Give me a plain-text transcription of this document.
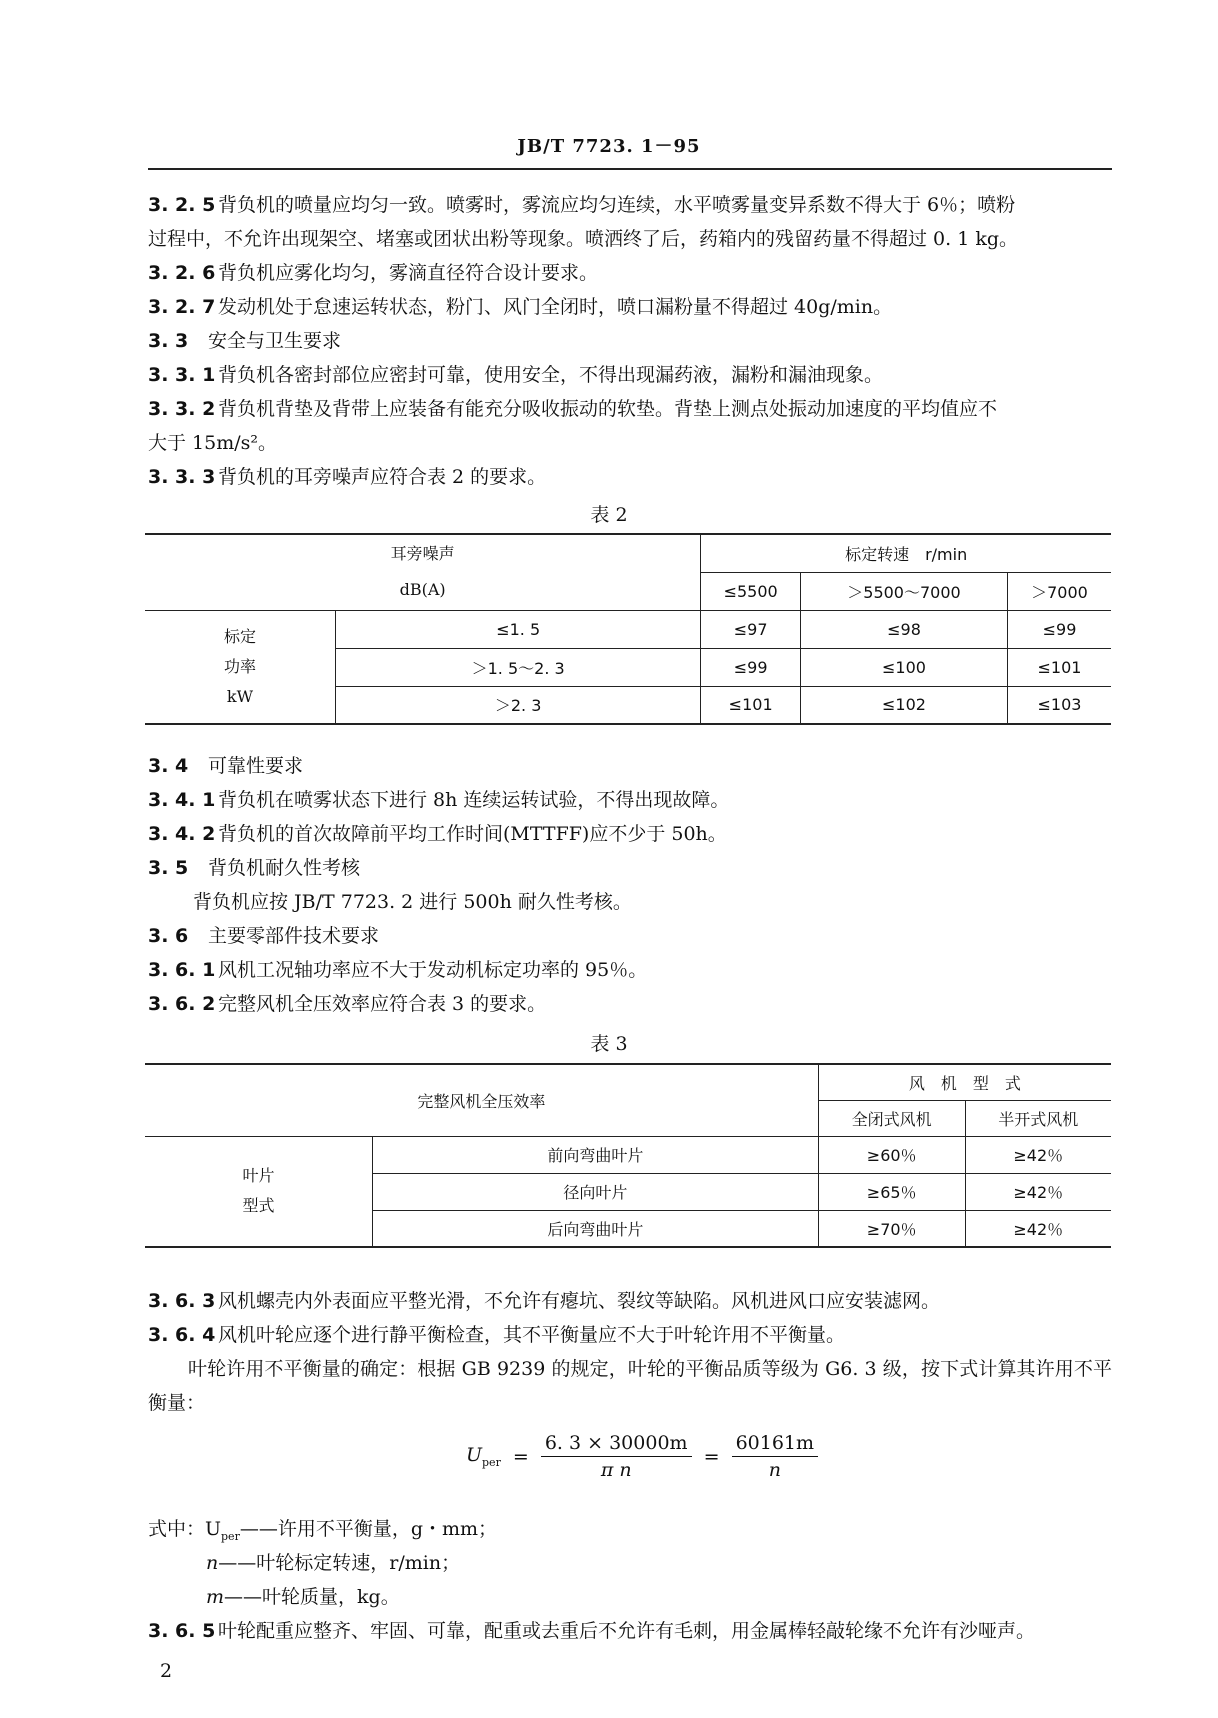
JB/T 7723. 1－95
3. 2. 5 背负机的喷量应均匀一致。喷雾时，雾流应均匀连续，水平喷雾量变异系数不得大于 6％；喷粉
过程中，不允许出现架空、堵塞或团状出粉等现象。喷洒终了后，药箱内的残留药量不得超过 0. 1 kg。
3. 2. 6 背负机应雾化均匀，雾滴直径符合设计要求。
3. 2. 7 发动机处于怠速运转状态，粉门、风门全闭时，喷口漏粉量不得超过 40g/min。
3. 3 安全与卫生要求
3. 3. 1 背负机各密封部位应密封可靠，使用安全，不得出现漏药液，漏粉和漏油现象。
3. 3. 2 背负机背垫及背带上应装备有能充分吸收振动的软垫。背垫上测点处振动加速度的平均值应不
大于 15m/s²。
3. 3. 3 背负机的耳旁噪声应符合表 2 的要求。
表 2
耳旁噪声
dB(A)		标定转速　r/min		
		≤5500	＞5500～7000	＞7000

标定
功率
kW	≤1. 5	≤97	≤98	≤99
	＞1. 5～2. 3	≤99	≤100	≤101
	＞2. 3	≤101	≤102	≤103
3. 4 可靠性要求
3. 4. 1 背负机在喷雾状态下进行 8h 连续运转试验，不得出现故障。
3. 4. 2 背负机的首次故障前平均工作时间(MTTFF)应不少于 50h。
3. 5 背负机耐久性考核
背负机应按 JB/T 7723. 2 进行 500h 耐久性考核。
3. 6 主要零部件技术要求
3. 6. 1 风机工况轴功率应不大于发动机标定功率的 95％。
3. 6. 2 完整风机全压效率应符合表 3 的要求。
表 3
完整风机全压效率		风　机　型　式	
		全闭式风机	半开式风机

叶片
型式	前向弯曲叶片	≥60％	≥42％
	径向叶片	≥65％	≥42％
	后向弯曲叶片	≥70％	≥42％
3. 6. 3 风机螺壳内外表面应平整光滑，不允许有瘪坑、裂纹等缺陷。风机进风口应安装滤网。
3. 6. 4 风机叶轮应逐个进行静平衡检查，其不平衡量应不大于叶轮许用不平衡量。
叶轮许用不平衡量的确定：根据 GB 9239 的规定，叶轮的平衡品质等级为 G6. 3 级，按下式计算其许用不平衡量：
$U_{per} = \frac{6. 3 \times 30000m}{\text{π n}} = \frac{60161m}{n}$
式中：$U_{per}——$许用不平衡量，g・mm；
n——叶轮标定转速，r/min；
m——叶轮质量，kg。
3. 6. 5 叶轮配重应整齐、牢固、可靠，配重或去重后不允许有毛刺，用金属棒轻敲轮缘不允许有沙哑声。
2
